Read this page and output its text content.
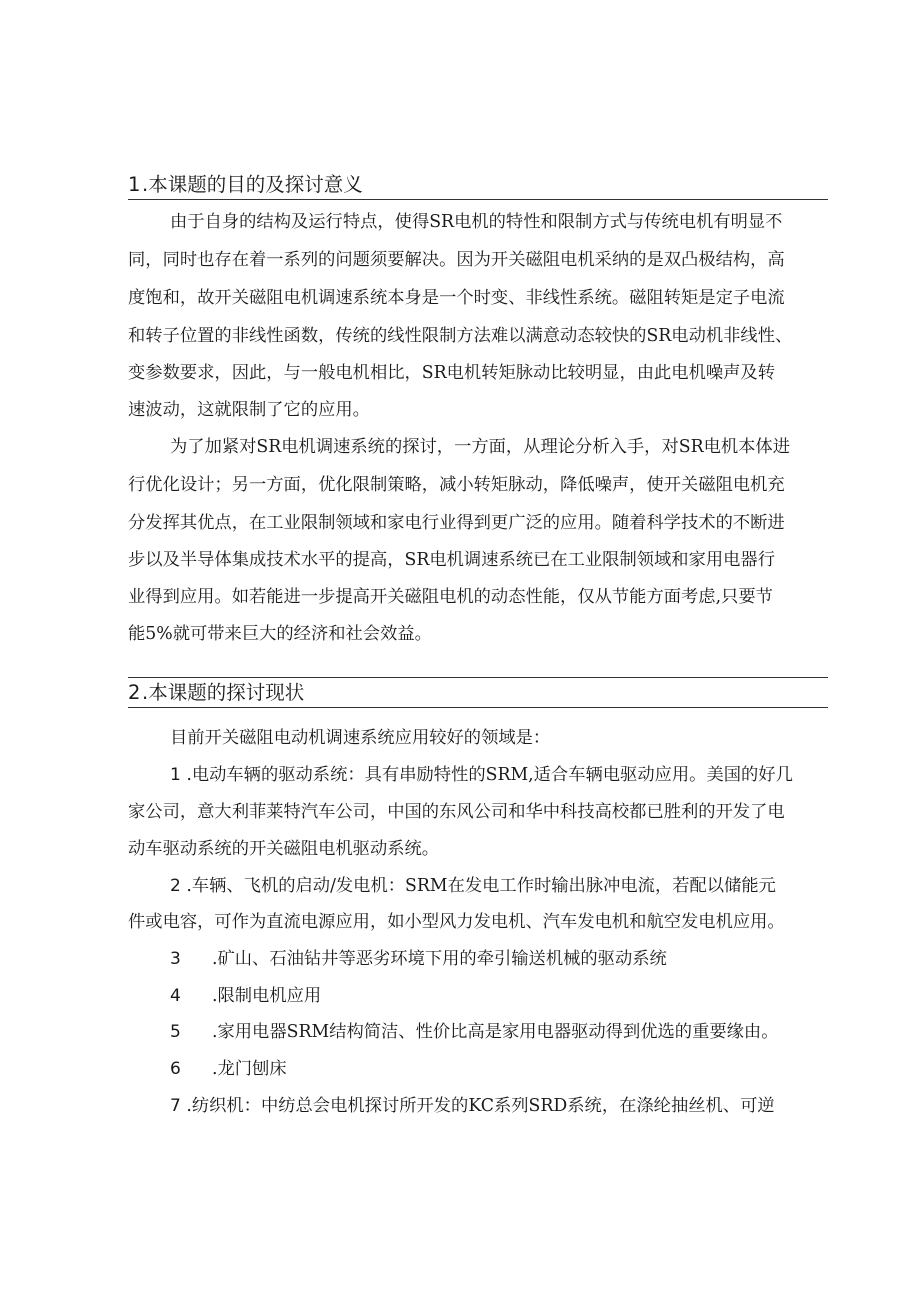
1.本课题的目的及探讨意义
由于自身的结构及运行特点，使得SR电机的特性和限制方式与传统电机有明显不
同，同时也存在着一系列的问题须要解决。因为开关磁阻电机采纳的是双凸极结构，高
度饱和，故开关磁阻电机调速系统本身是一个时变、非线性系统。磁阻转矩是定子电流
和转子位置的非线性函数，传统的线性限制方法难以满意动态较快的SR电动机非线性、
变参数要求，因此，与一般电机相比，SR电机转矩脉动比较明显，由此电机噪声及转
速波动，这就限制了它的应用。
为了加紧对SR电机调速系统的探讨，一方面，从理论分析入手，对SR电机本体进
行优化设计；另一方面，优化限制策略，减小转矩脉动，降低噪声，使开关磁阻电机充
分发挥其优点，在工业限制领域和家电行业得到更广泛的应用。随着科学技术的不断进
步以及半导体集成技术水平的提高，SR电机调速系统已在工业限制领域和家用电器行
业得到应用。如若能进一步提高开关磁阻电机的动态性能，仅从节能方面考虑,只要节
能5%就可带来巨大的经济和社会效益。
2.本课题的探讨现状
目前开关磁阻电动机调速系统应用较好的领域是：
1 .电动车辆的驱动系统：具有串励特性的SRM,适合车辆电驱动应用。美国的好几
家公司，意大利菲莱特汽车公司，中国的东风公司和华中科技高校都已胜利的开发了电
动车驱动系统的开关磁阻电机驱动系统。
2 .车辆、飞机的启动/发电机：SRM在发电工作时输出脉冲电流，若配以储能元
件或电容，可作为直流电源应用，如小型风力发电机、汽车发电机和航空发电机应用。
3 .矿山、石油钻井等恶劣环境下用的牵引输送机械的驱动系统
4 .限制电机应用
5 .家用电器SRM结构简洁、性价比高是家用电器驱动得到优选的重要缘由。
6 .龙门刨床
7 .纺织机：中纺总会电机探讨所开发的KC系列SRD系统，在涤纶抽丝机、可逆
